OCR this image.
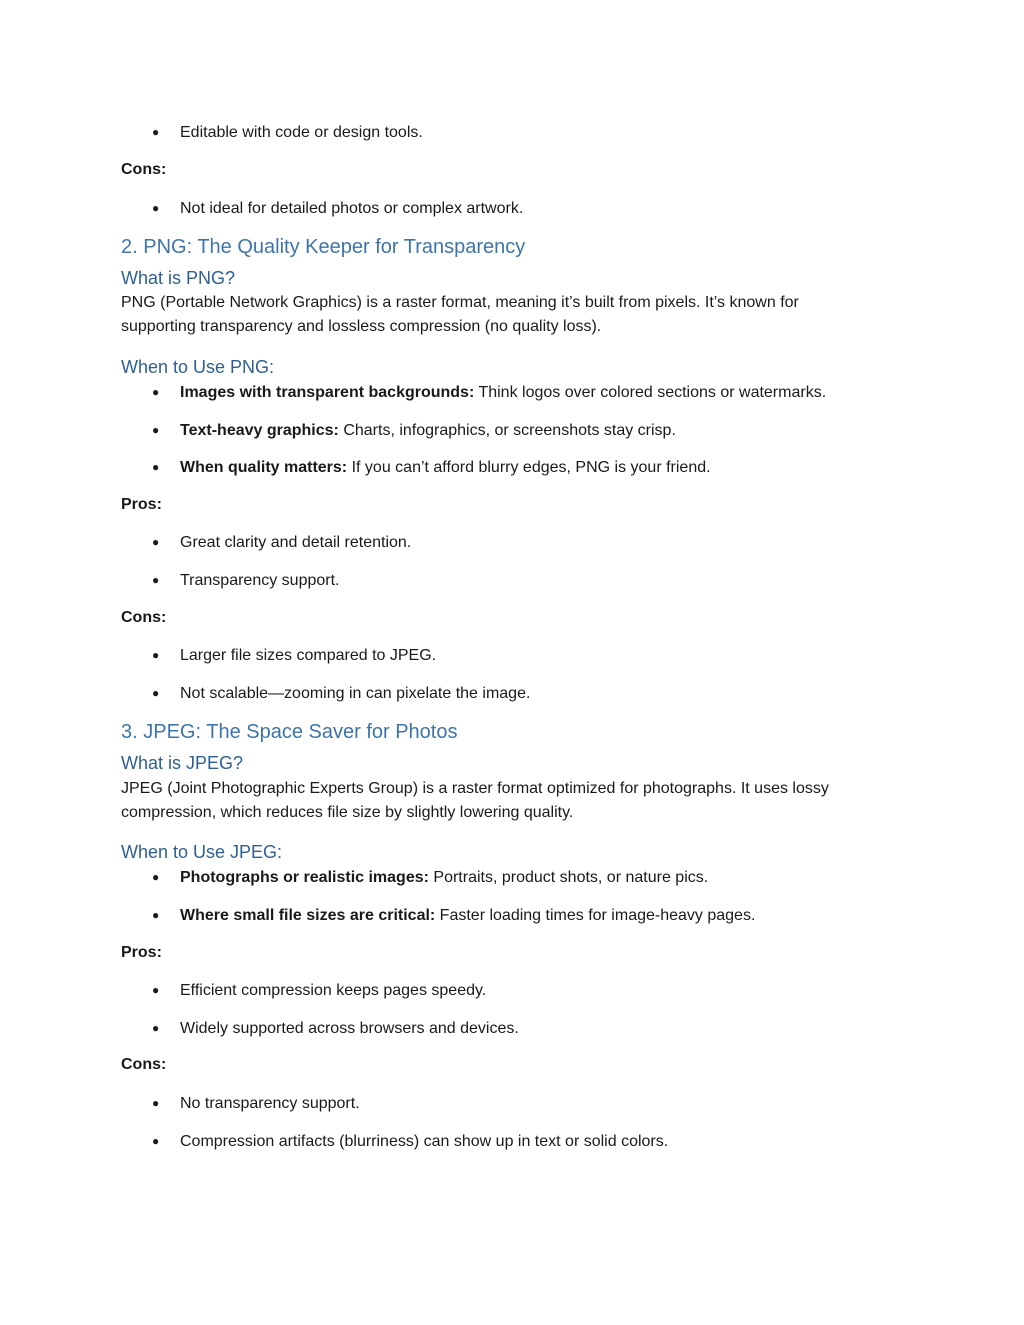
● Editable with code or design tools.
Cons:
● Not ideal for detailed photos or complex artwork.
2. PNG: The Quality Keeper for Transparency
What is PNG?
PNG (Portable Network Graphics) is a raster format, meaning it’s built from pixels. It’s known for
supporting transparency and lossless compression (no quality loss).
When to Use PNG:
● Images with transparent backgrounds: Think logos over colored sections or watermarks.
● Text-heavy graphics: Charts, infographics, or screenshots stay crisp.
● When quality matters: If you can’t afford blurry edges, PNG is your friend.
Pros:
● Great clarity and detail retention.
● Transparency support.
Cons:
● Larger file sizes compared to JPEG.
● Not scalable—zooming in can pixelate the image.
3. JPEG: The Space Saver for Photos
What is JPEG?
JPEG (Joint Photographic Experts Group) is a raster format optimized for photographs. It uses lossy
compression, which reduces file size by slightly lowering quality.
When to Use JPEG:
● Photographs or realistic images: Portraits, product shots, or nature pics.
● Where small file sizes are critical: Faster loading times for image-heavy pages.
Pros:
● Efficient compression keeps pages speedy.
● Widely supported across browsers and devices.
Cons:
● No transparency support.
● Compression artifacts (blurriness) can show up in text or solid colors.
